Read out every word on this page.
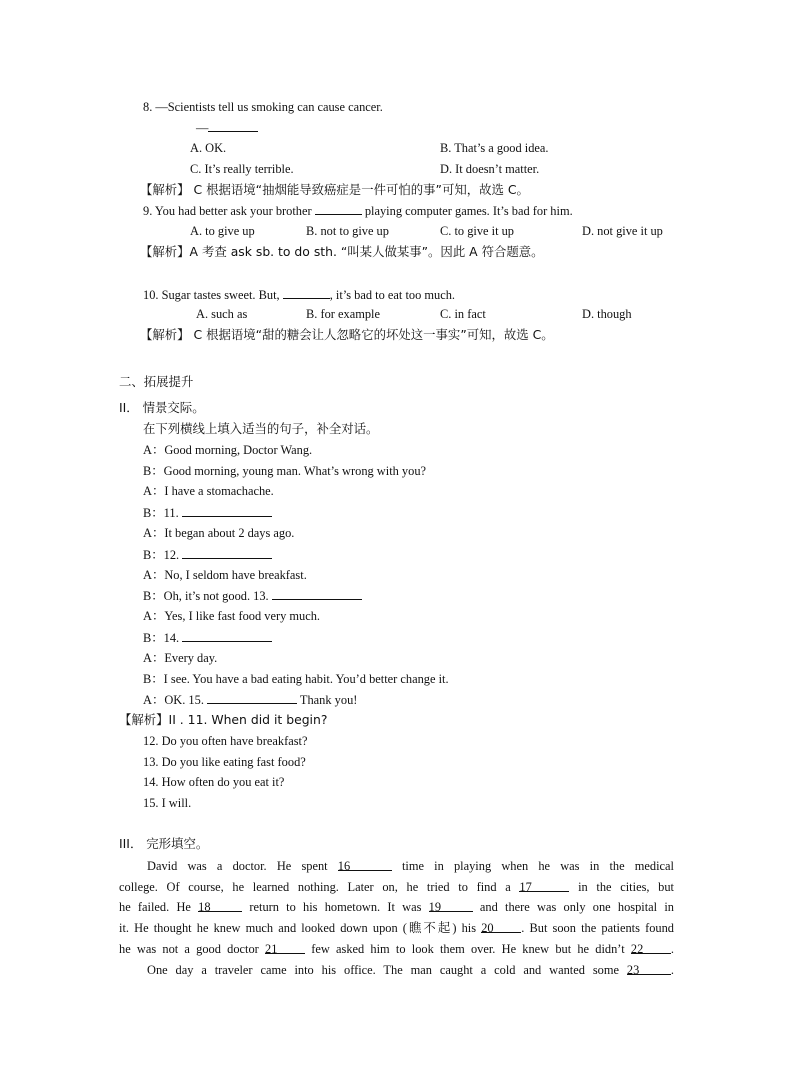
8. —Scientists tell us smoking can cause cancer.
—
A. OK.	B. That’s a good idea.
C. It’s really terrible.	D. It doesn’t matter.
【解析】 C 根据语境“抽烟能导致癌症是一件可怕的事”可知，故选 C。
9. You had better ask your brother	playing computer games. It’s bad for him.
A. to give up	B. not to give up	C. to give it up	D. not give it up
【解析】A 考查 ask sb. to do sth. “叫某人做某事”。因此 A 符合题意。
10. Sugar tastes sweet. But,	, it’s bad to eat too much.
A. such as	B. for example	C. in fact	D. though
【解析】 C 根据语境“甜的糖会让人忽略它的坏处这一事实”可知，故选 C。
二、拓展提升
II． 情景交际。
在下列横线上填入适当的句子，补全对话。
A：Good morning, Doctor Wang.
B：Good morning, young man. What’s wrong with you?
A：I have a stomachache.
B：11.
A：It began about 2 days ago.
B：12.
A：No, I seldom have breakfast.
B：Oh, it’s not good. 13.
A：Yes, I like fast food very much.
B：14.
A：Every day.
B：I see. You have a bad eating habit. You’d better change it.
A：OK. 15.	Thank you!
【解析】II . 11. When did it begin?
12. Do you often have breakfast?
13. Do you like eating fast food?
14. How often do you eat it?
15. I will.
III． 完形填空。
David was a doctor. He spent 16	time in playing when he was in the medical
college. Of course, he learned nothing. Later on, he tried to find a 17	in the cities, but
he failed. He 18	return to his hometown. It was 19	and there was only one hospital in
it. He thought he knew much and looked down upon (瞧不起) his 20 . But soon the patients found
he was not a good doctor 21	few asked him to look them over. He knew but he didn’t 22 .
One day a traveler came into his office. The man caught a cold and wanted some 23	.
